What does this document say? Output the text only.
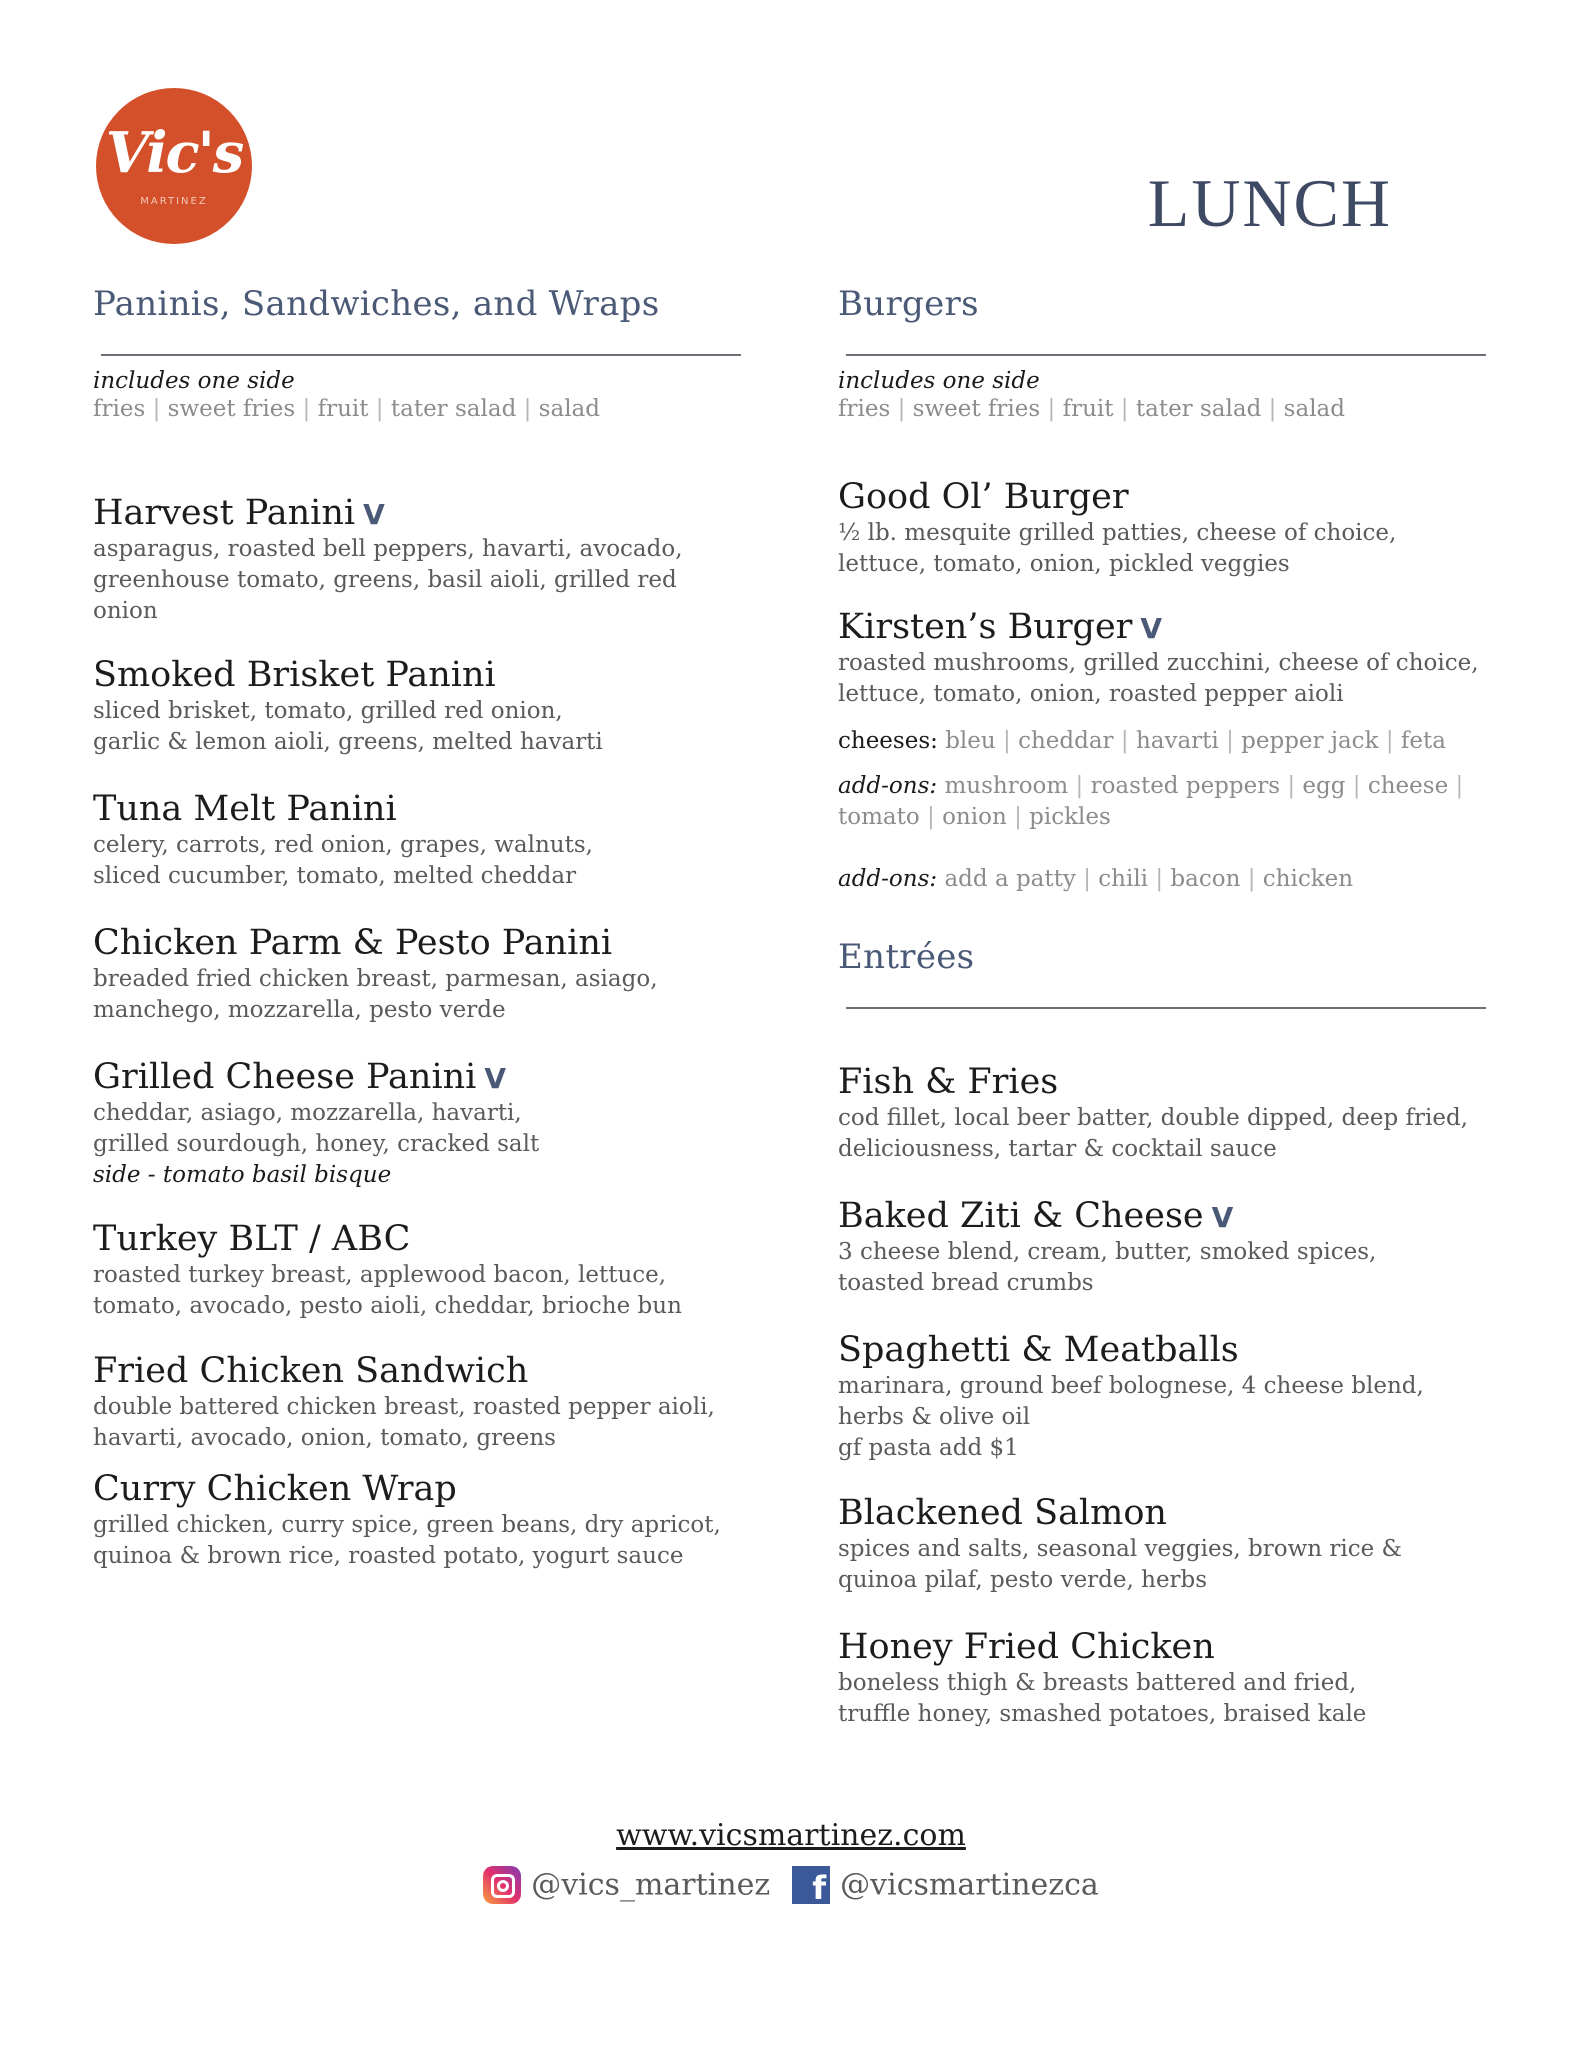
Vic's
MARTINEZ	LUNCH
Paninis, Sandwiches, and Wraps
includes one side
fries | sweet fries | fruit | tater salad | salad
Harvest Panini V
asparagus, roasted bell peppers, havarti, avocado,
greenhouse tomato, greens, basil aioli, grilled red
onion
Smoked Brisket Panini
sliced brisket, tomato, grilled red onion,
garlic & lemon aioli, greens, melted havarti
Tuna Melt Panini
celery, carrots, red onion, grapes, walnuts,
sliced cucumber, tomato, melted cheddar
Chicken Parm & Pesto Panini
breaded fried chicken breast, parmesan, asiago,
manchego, mozzarella, pesto verde
Grilled Cheese Panini V
cheddar, asiago, mozzarella, havarti,
grilled sourdough, honey, cracked salt
side - tomato basil bisque
Turkey BLT / ABC
roasted turkey breast, applewood bacon, lettuce,
tomato, avocado, pesto aioli, cheddar, brioche bun
Fried Chicken Sandwich
double battered chicken breast, roasted pepper aioli,
havarti, avocado, onion, tomato, greens
Curry Chicken Wrap
grilled chicken, curry spice, green beans, dry apricot,
quinoa & brown rice, roasted potato, yogurt sauce
Burgers
includes one side
fries | sweet fries | fruit | tater salad | salad
Good Ol’ Burger
½ lb. mesquite grilled patties, cheese of choice,
lettuce, tomato, onion, pickled veggies
Kirsten’s Burger V
roasted mushrooms, grilled zucchini, cheese of choice,
lettuce, tomato, onion, roasted pepper aioli
cheeses: bleu | cheddar | havarti | pepper jack | feta
add-ons: mushroom | roasted peppers | egg | cheese |
tomato | onion | pickles
add-ons: add a patty | chili | bacon | chicken
Entrées
Fish & Fries
cod fillet, local beer batter, double dipped, deep fried,
deliciousness, tartar & cocktail sauce
Baked Ziti & Cheese V
3 cheese blend, cream, butter, smoked spices,
toasted bread crumbs
Spaghetti & Meatballs
marinara, ground beef bolognese, 4 cheese blend,
herbs & olive oil
gf pasta add $1
Blackened Salmon
spices and salts, seasonal veggies, brown rice &
quinoa pilaf, pesto verde, herbs
Honey Fried Chicken
boneless thigh & breasts battered and fried,
truffle honey, smashed potatoes, braised kale
www.vicsmartinez.com
@vics_martinez f @vicsmartinezca
